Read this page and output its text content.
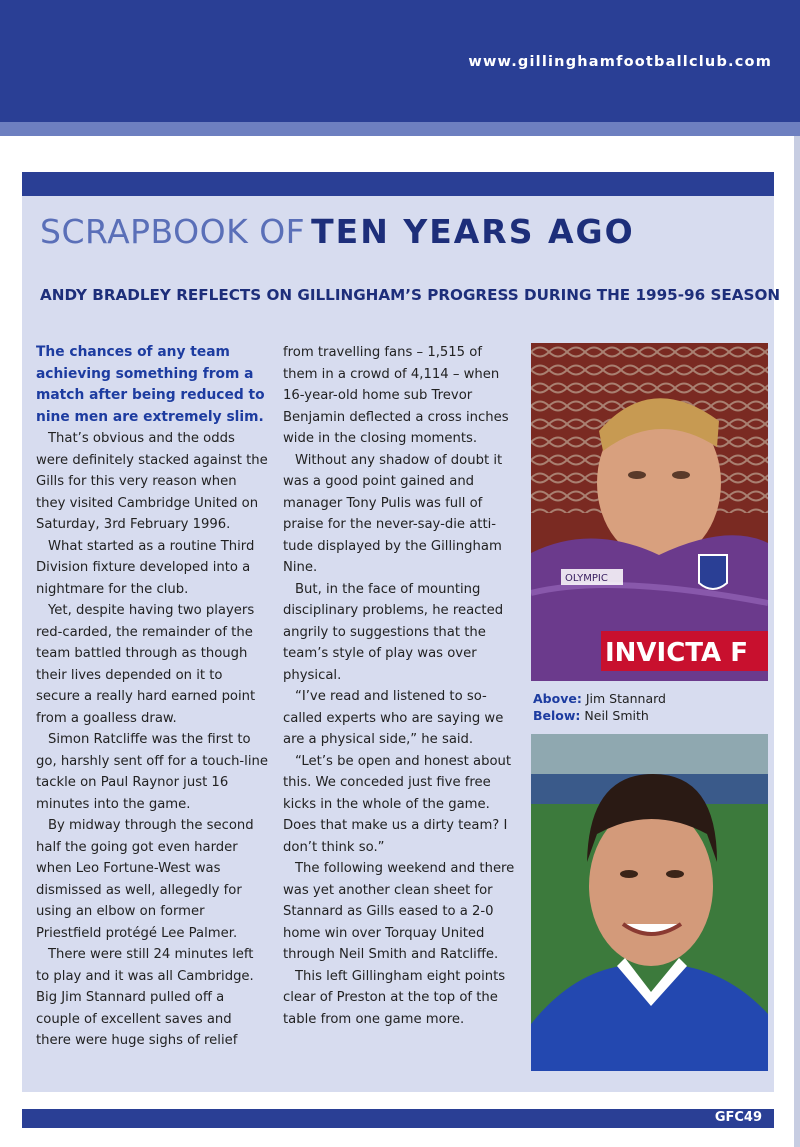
www.gillinghamfootballclub.com
SCRAPBOOK OF TEN YEARS AGO
ANDY BRADLEY REFLECTS ON GILLINGHAM’S PROGRESS DURING THE 1995-96 SEASON

The chances of any team achieving something from a match after being reduced to nine men are extremely slim.

That’s obvious and the odds were definitely stacked against the Gills for this very reason when they visited Cambridge United on Saturday, 3rd February 1996.

What started as a routine Third Division fixture developed into a nightmare for the club.

Yet, despite having two players red-carded, the remainder of the team battled through as though their lives depended on it to secure a really hard earned point from a goalless draw.

Simon Ratcliffe was the first to go, harshly sent off for a touch-line tackle on Paul Raynor just 16 minutes into the game.

By midway through the second half the going got even harder when Leo Fortune-West was dismissed as well, allegedly for using an elbow on former Priestfield protégé Lee Palmer.

There were still 24 minutes left to play and it was all Cambridge. Big Jim Stannard pulled off a couple of excellent saves and there were huge sighs of relief

from travelling fans – 1,515 of them in a crowd of 4,114 – when 16-year-old home sub Trevor Benjamin deflected a cross inches wide in the closing moments.

Without any shadow of doubt it was a good point gained and manager Tony Pulis was full of praise for the never-say-die atti-tude displayed by the Gillingham Nine.

But, in the face of mounting disciplinary problems, he reacted angrily to suggestions that the team’s style of play was over physical.

“I’ve read and listened to so-called experts who are saying we are a physical side,” he said.

“Let’s be open and honest about this. We conceded just five free kicks in the whole of the game. Does that make us a dirty team? I don’t think so.”

The following weekend and there was yet another clean sheet for Stannard as Gills eased to a 2-0 home win over Torquay United through Neil Smith and Ratcliffe.

This left Gillingham eight points clear of Preston at the top of the table from one game more.

OLYMPIC
INVICTA F
Above: Jim Stannard
Below: Neil Smith
GFC49
